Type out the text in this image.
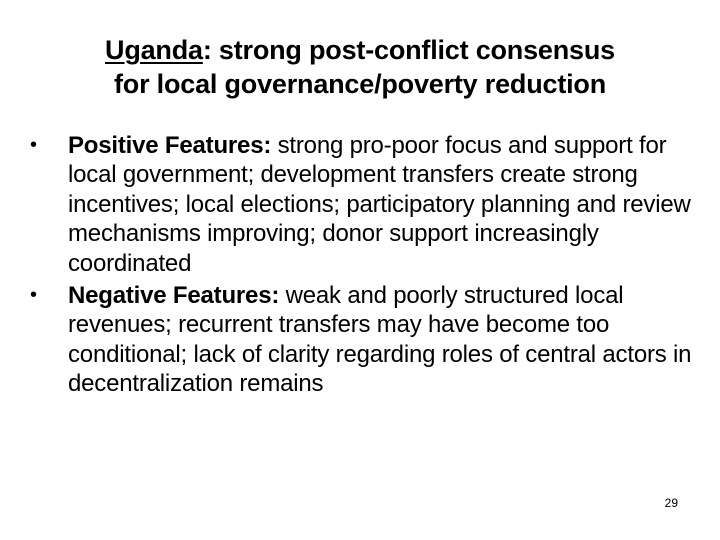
Uganda: strong post-conflict consensus
for local governance/poverty reduction
•	Positive Features: strong pro-poor focus and support for local government; development transfers create strong incentives; local elections; participatory planning and review mechanisms improving; donor support increasingly coordinated
•	Negative Features: weak and poorly structured local revenues; recurrent transfers may have become too conditional; lack of clarity regarding roles of central actors in decentralization remains
29
